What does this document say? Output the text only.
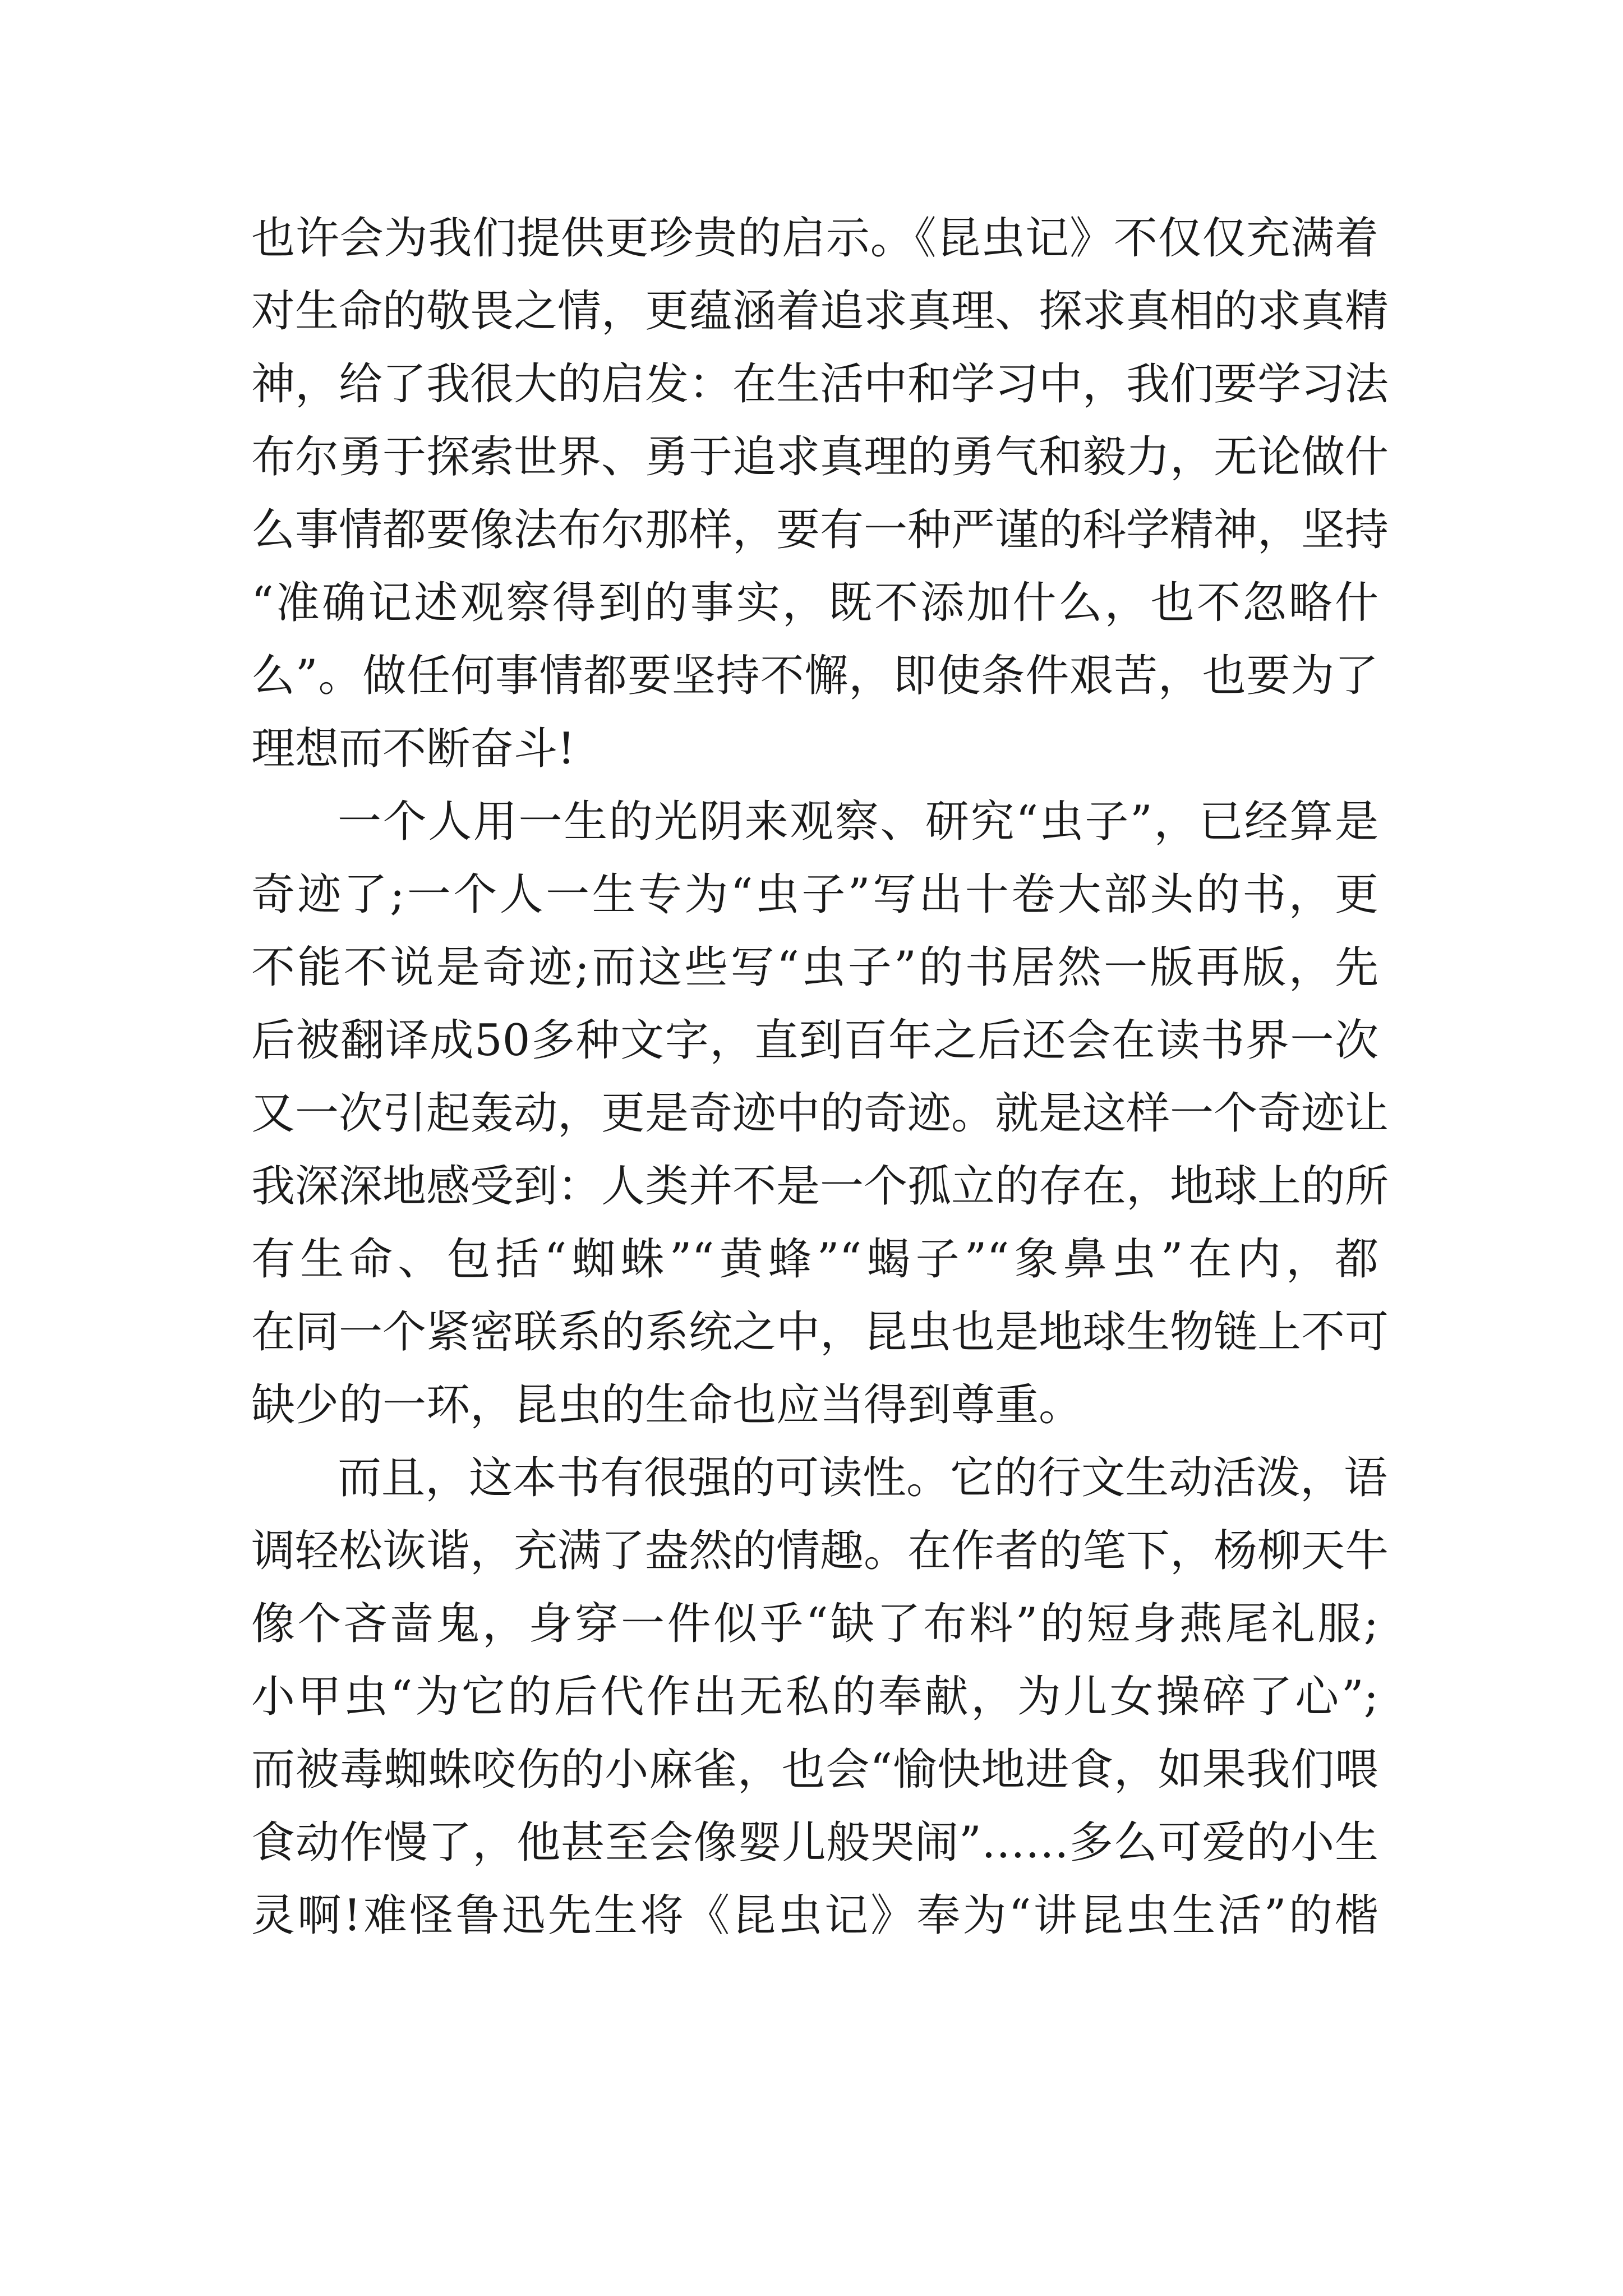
也许会为我们提供更珍贵的启示。《昆虫记》不仅仅充满着
对生命的敬畏之情，更蕴涵着追求真理、探求真相的求真精
神，给了我很大的启发：在生活中和学习中，我们要学习法
布尔勇于探索世界、勇于追求真理的勇气和毅力，无论做什
么事情都要像法布尔那样，要有一种严谨的科学精神，坚持
“准确记述观察得到的事实，既不添加什么，也不忽略什
么”。做任何事情都要坚持不懈，即使条件艰苦，也要为了
理想而不断奋斗!
一个人用一生的光阴来观察、研究“虫子”，已经算是
奇迹了;一个人一生专为“虫子”写出十卷大部头的书，更
不能不说是奇迹;而这些写“虫子”的书居然一版再版，先
后被翻译成50多种文字，直到百年之后还会在读书界一次
又一次引起轰动，更是奇迹中的奇迹。就是这样一个奇迹让
我深深地感受到：人类并不是一个孤立的存在，地球上的所
有生命、包括“蜘蛛”“黄蜂”“蝎子”“象鼻虫”在内，都
在同一个紧密联系的系统之中，昆虫也是地球生物链上不可
缺少的一环，昆虫的生命也应当得到尊重。
而且，这本书有很强的可读性。它的行文生动活泼，语
调轻松诙谐，充满了盎然的情趣。在作者的笔下，杨柳天牛
像个吝啬鬼，身穿一件似乎“缺了布料”的短身燕尾礼服;
小甲虫“为它的后代作出无私的奉献，为儿女操碎了心”;
而被毒蜘蛛咬伤的小麻雀，也会“愉快地进食，如果我们喂
食动作慢了，他甚至会像婴儿般哭闹”……多么可爱的小生
灵啊!难怪鲁迅先生将《昆虫记》奉为“讲昆虫生活”的楷
